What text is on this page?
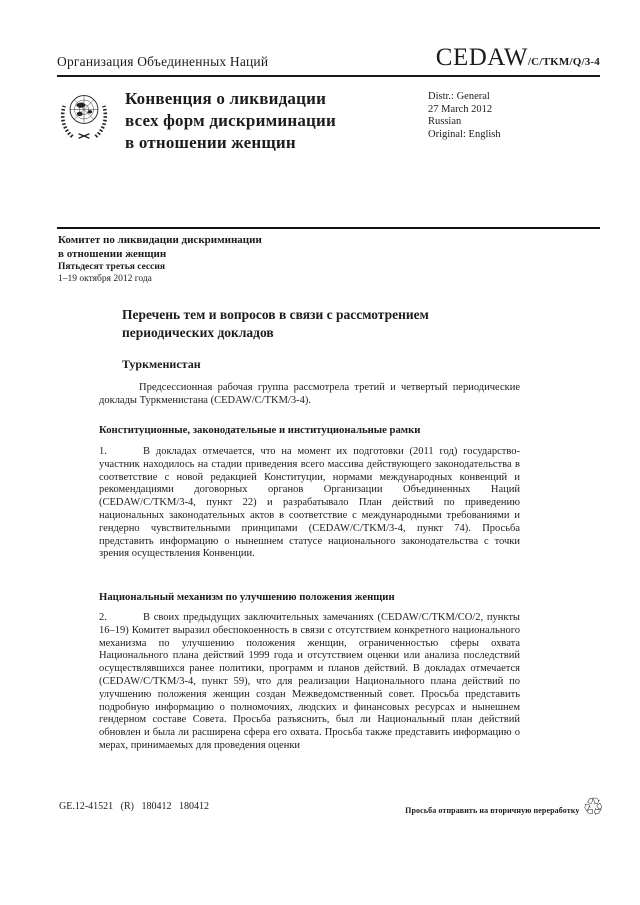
Организация Объединенных Наций	CEDAW/C/TKM/Q/3-4
Конвенция о ликвидации
всех форм дискриминации
в отношении женщин
Distr.: General
27 March 2012
Russian
Original: English
Комитет по ликвидации дискриминации
в отношении женщин
Пятьдесят третья сессия
1–19 октября 2012 года
Перечень тем и вопросов в связи с рассмотрением периодических докладов
Туркменистан

Предсессионная рабочая группа рассмотрела третий и четвертый периодические доклады Туркменистана (CEDAW/C/TKM/3-4).

Конституционные, законодательные и институциональные рамки

1.	В докладах отмечается, что на момент их подготовки (2011 год) государство-участник находилось на стадии приведения всего массива действующего законодательства в соответствие с новой редакцией Конституции, нормами международных конвенций и рекомендациями договорных органов Организации Объединенных Наций (CEDAW/C/TKM/3-4, пункт 22) и разрабатывало План действий по приведению национальных законодательных актов в соответствие с международными требованиями и гендерно чувствительными принципами (CEDAW/C/TKM/3-4, пункт 74). Просьба представить информацию о нынешнем статусе национального законодательства с точки зрения осуществления Конвенции.

Национальный механизм по улучшению положения женщин

2.	В своих предыдущих заключительных замечаниях (CEDAW/C/TKM/CO/2, пункты 16–19) Комитет выразил обеспокоенность в связи с отсутствием конкретного национального механизма по улучшению положения женщин, ограниченностью сферы охвата Национального плана действий 1999 года и отсутствием оценки или анализа последствий осуществлявшихся ранее политики, программ и планов действий. В докладах отмечается (CEDAW/C/TKM/3-4, пункт 59), что для реализации Национального плана действий по улучшению положения женщин создан Межведомственный совет. Просьба представить подробную информацию о полномочиях, людских и финансовых ресурсах и нынешнем гендерном составе Совета. Просьба разъяснить, был ли Национальный план действий обновлен и была ли расширена сфера его охвата. Просьба также представить информацию о мерах, принимаемых для проведения оценки

GE.12-41521 (R) 180412 180412	Просьба отправить на вторичную переработку ♲
